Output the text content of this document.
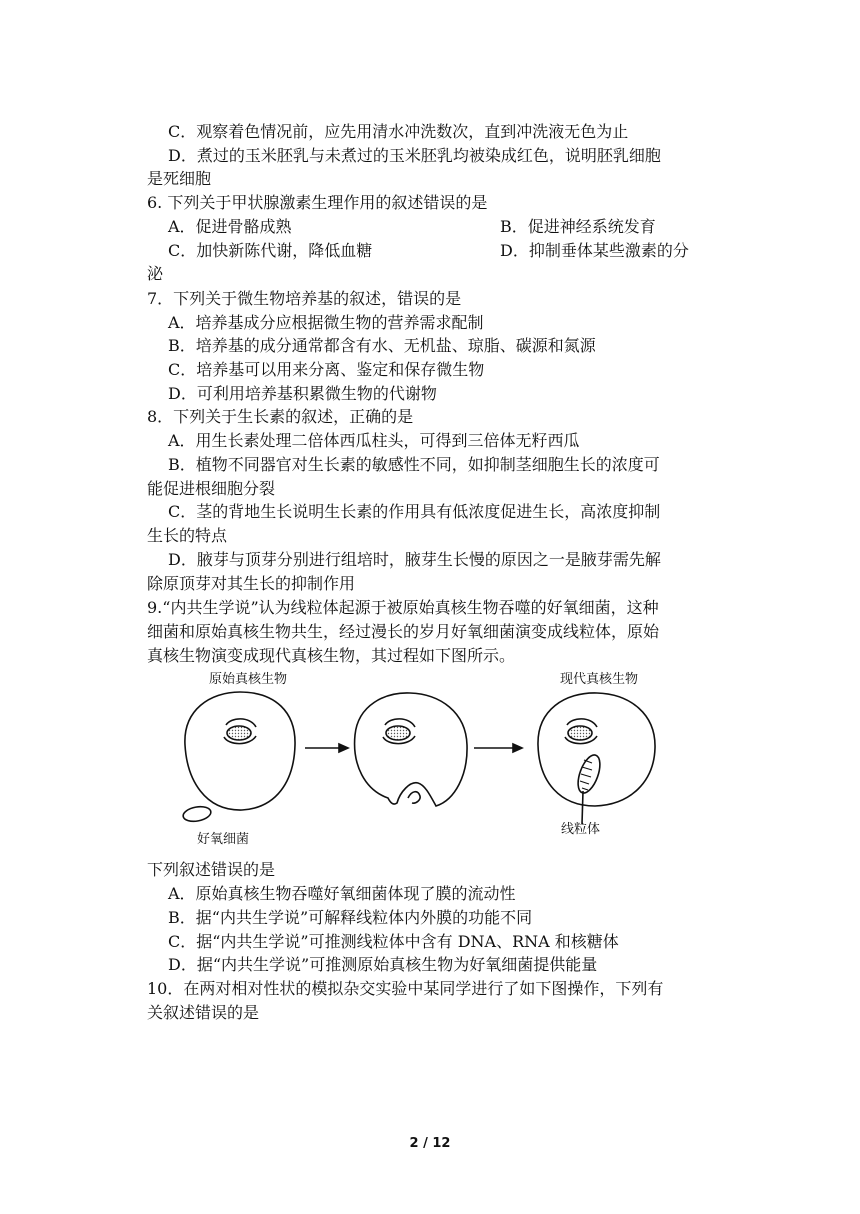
C．观察着色情况前，应先用清水冲洗数次，直到冲洗液无色为止
D．煮过的玉米胚乳与未煮过的玉米胚乳均被染成红色，说明胚乳细胞
是死细胞
6. 下列关于甲状腺激素生理作用的叙述错误的是
A．促进骨骼成熟	B．促进神经系统发育
C．加快新陈代谢，降低血糖	D．抑制垂体某些激素的分
泌
7．下列关于微生物培养基的叙述，错误的是
A．培养基成分应根据微生物的营养需求配制
B．培养基的成分通常都含有水、无机盐、琼脂、碳源和氮源
C．培养基可以用来分离、鉴定和保存微生物
D．可利用培养基积累微生物的代谢物
8．下列关于生长素的叙述，正确的是
A．用生长素处理二倍体西瓜柱头，可得到三倍体无籽西瓜
B．植物不同器官对生长素的敏感性不同，如抑制茎细胞生长的浓度可
能促进根细胞分裂
C．茎的背地生长说明生长素的作用具有低浓度促进生长，高浓度抑制
生长的特点
D．腋芽与顶芽分别进行组培时，腋芽生长慢的原因之一是腋芽需先解
除原顶芽对其生长的抑制作用
9.“内共生学说”认为线粒体起源于被原始真核生物吞噬的好氧细菌，这种
细菌和原始真核生物共生，经过漫长的岁月好氧细菌演变成线粒体，原始
真核生物演变成现代真核生物，其过程如下图所示。
原始真核生物	现代真核生物
好氧细菌
线粒体
下列叙述错误的是
A．原始真核生物吞噬好氧细菌体现了膜的流动性
B．据“内共生学说”可解释线粒体内外膜的功能不同
C．据“内共生学说”可推测线粒体中含有 DNA、RNA 和核糖体
D．据“内共生学说”可推测原始真核生物为好氧细菌提供能量
10．在两对相对性状的模拟杂交实验中某同学进行了如下图操作，下列有
关叙述错误的是
2 / 12
